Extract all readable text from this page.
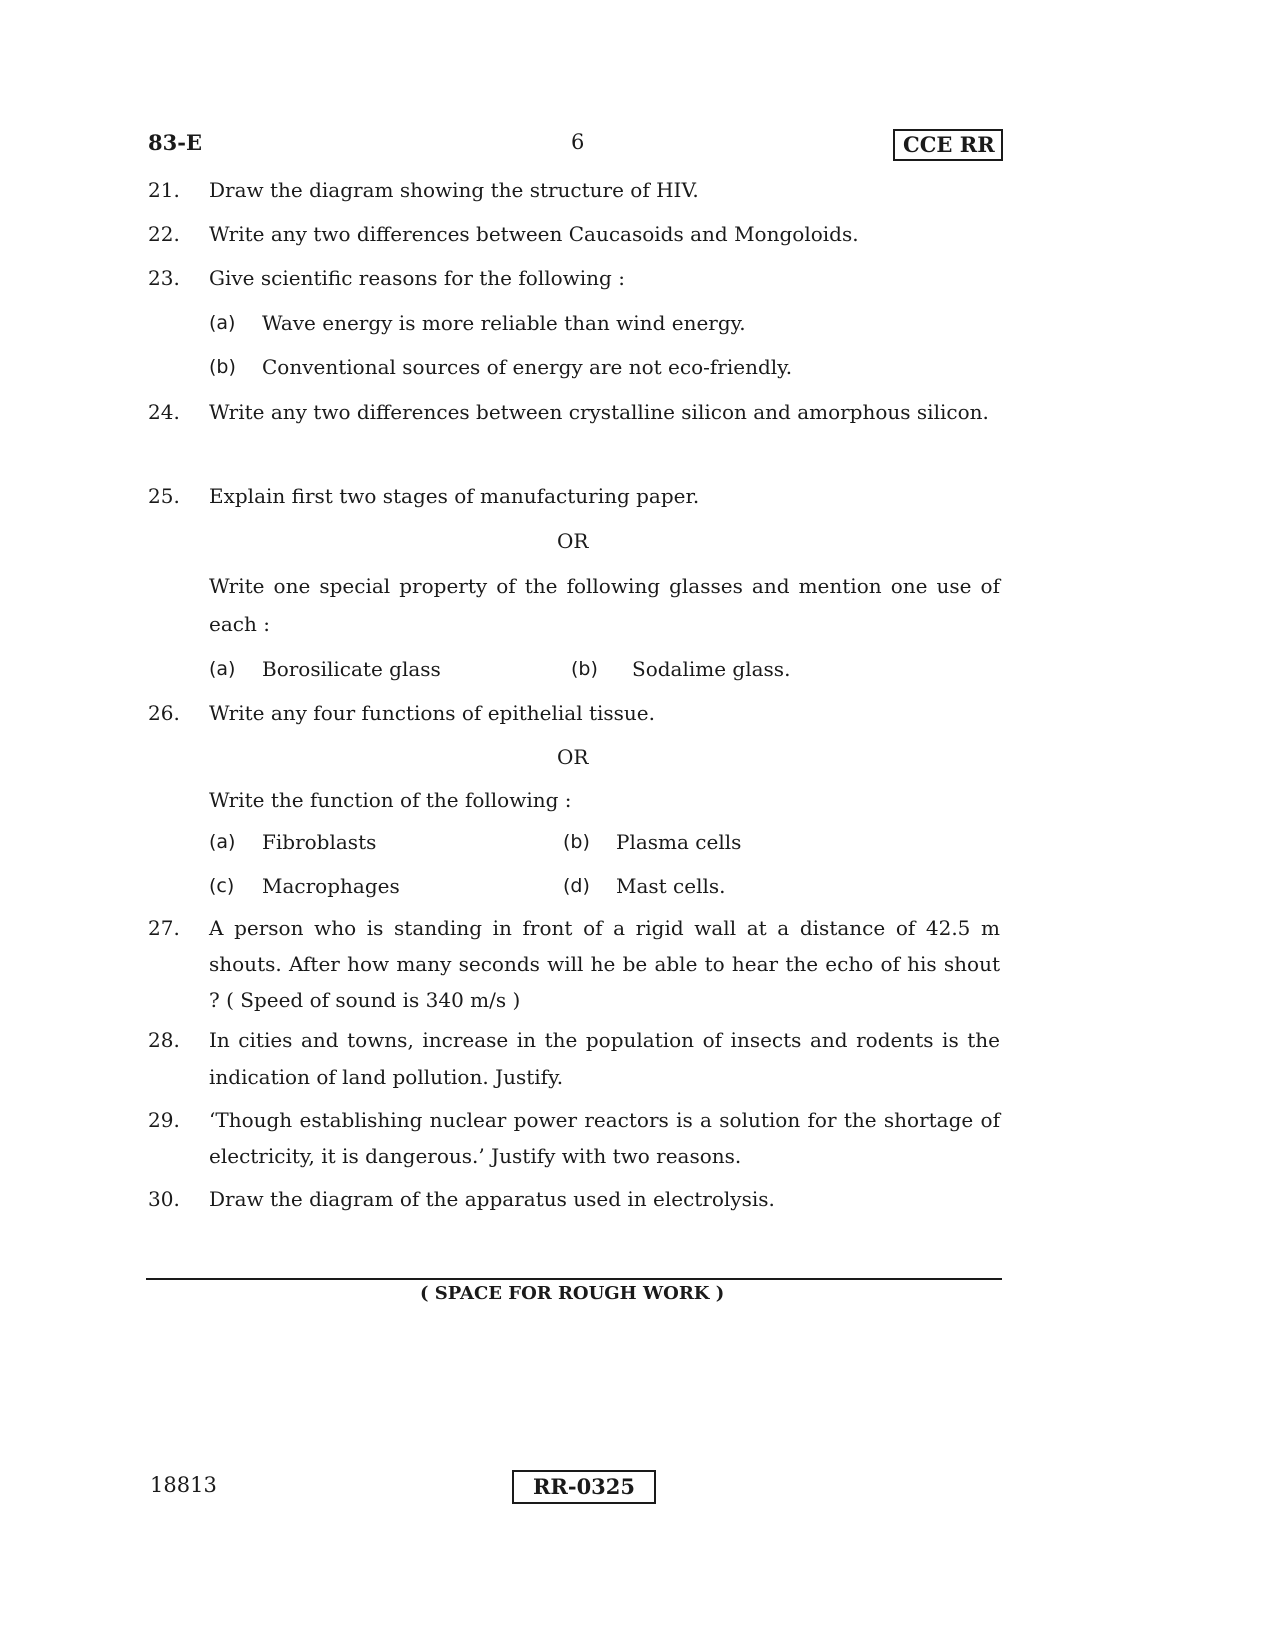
83-E	6	CCE RR
21. Draw the diagram showing the structure of HIV.
22. Write any two differences between Caucasoids and Mongoloids.
23. Give scientific reasons for the following :
(a) Wave energy is more reliable than wind energy.
(b) Conventional sources of energy are not eco-friendly.
24. Write any two differences between crystalline silicon and amorphous silicon.
25. Explain first two stages of manufacturing paper.
OR
Write one special property of the following glasses and mention one use of each :
(a) Borosilicate glass	(b) Sodalime glass.
26. Write any four functions of epithelial tissue.
OR
Write the function of the following :
(a) Fibroblasts	(b) Plasma cells
(c) Macrophages	(d) Mast cells.
27. A person who is standing in front of a rigid wall at a distance of 42.5 m shouts. After how many seconds will he be able to hear the echo of his shout ? ( Speed of sound is 340 m/s )
28. In cities and towns, increase in the population of insects and rodents is the indication of land pollution. Justify.
29. ‘Though establishing nuclear power reactors is a solution for the shortage of electricity, it is dangerous.’ Justify with two reasons.
30. Draw the diagram of the apparatus used in electrolysis.
( SPACE FOR ROUGH WORK )
18813	RR-0325
